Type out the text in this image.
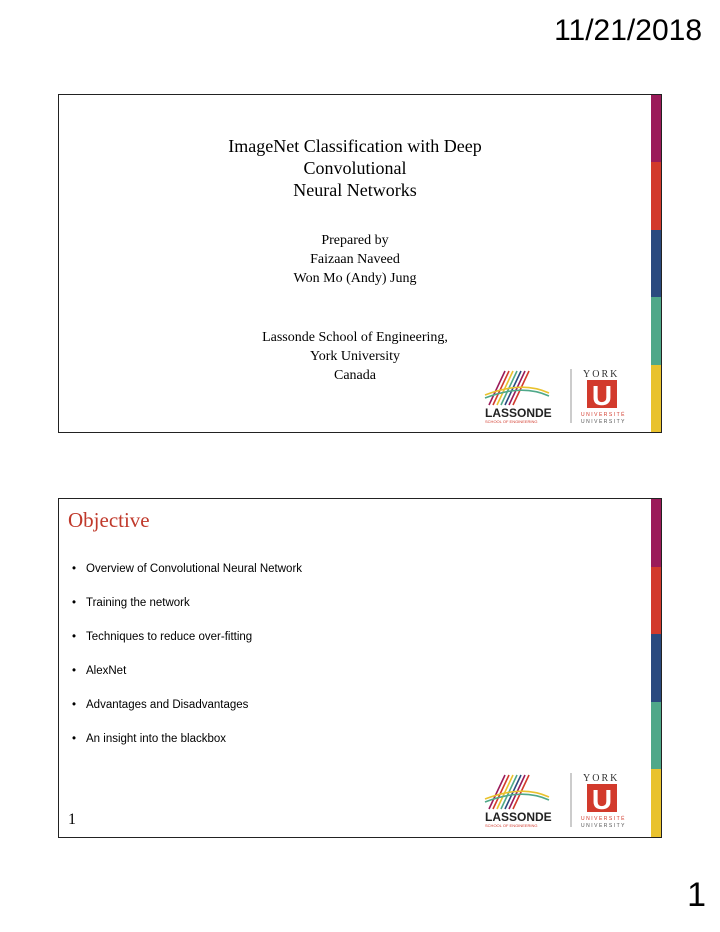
11/21/2018
ImageNet Classification with Deep
Convolutional
Neural Networks
Prepared by
Faizaan Naveed
Won Mo (Andy) Jung
Lassonde School of Engineering,
York University
Canada
LASSONDE
SCHOOL OF ENGINEERING
YORK
U
UNIVERSITÉ
UNIVERSITY
Objective
• Overview of Convolutional Neural Network
• Training the network
• Techniques to reduce over-fitting
• AlexNet
• Advantages and Disadvantages
• An insight into the blackbox
1	LASSONDE
SCHOOL OF ENGINEERING
YORK
U
UNIVERSITÉ
UNIVERSITY
1
